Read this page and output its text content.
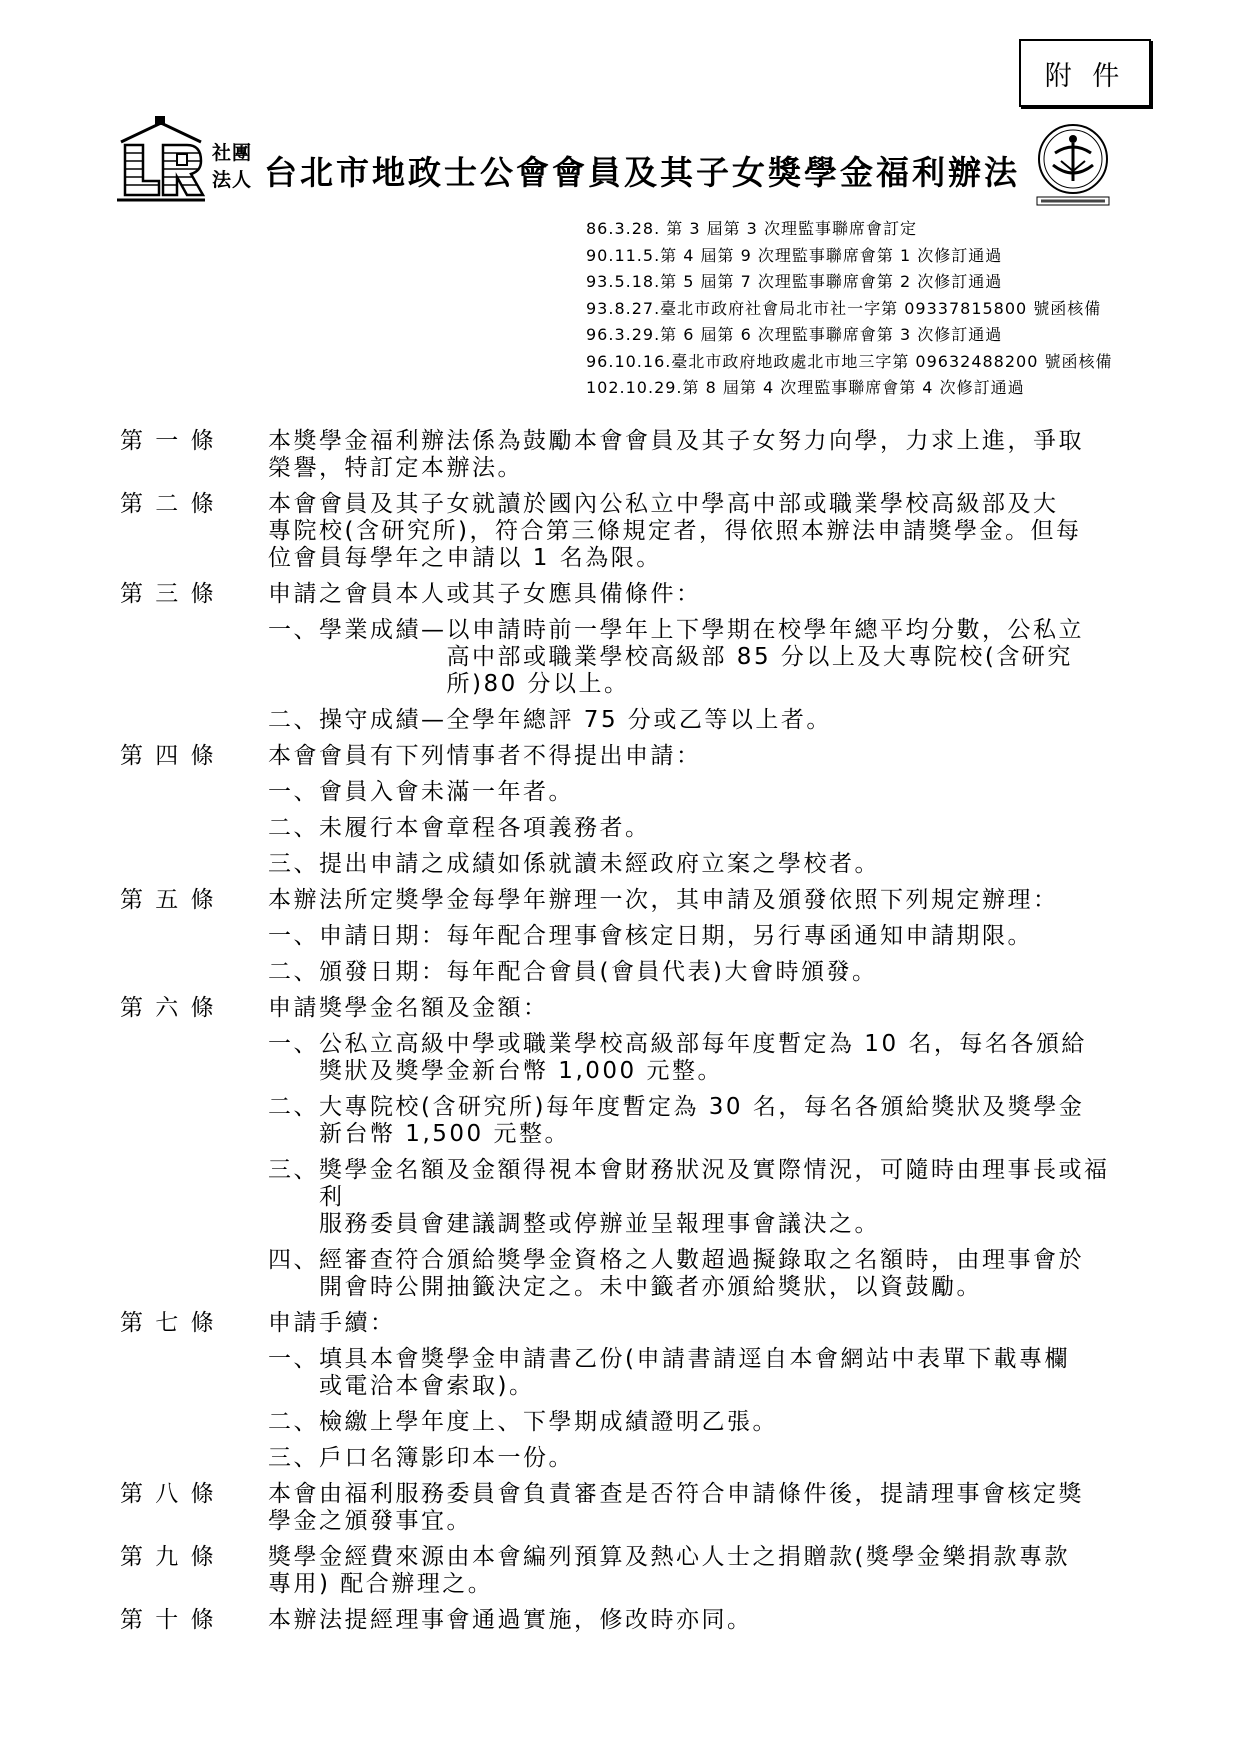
附 件
社團
法人 台北市地政士公會會員及其子女獎學金福利辦法
86.3.28. 第 3 屆第 3 次理監事聯席會訂定
90.11.5.第 4 屆第 9 次理監事聯席會第 1 次修訂通過
93.5.18.第 5 屆第 7 次理監事聯席會第 2 次修訂通過
93.8.27.臺北市政府社會局北市社一字第 09337815800 號函核備
96.3.29.第 6 屆第 6 次理監事聯席會第 3 次修訂通過
96.10.16.臺北市政府地政處北市地三字第 09632488200 號函核備
102.10.29.第 8 屆第 4 次理監事聯席會第 4 次修訂通過
第 一 條	本獎學金福利辦法係為鼓勵本會會員及其子女努力向學，力求上進，爭取
榮譽，特訂定本辦法。
第 二 條	本會會員及其子女就讀於國內公私立中學高中部或職業學校高級部及大
專院校(含研究所)，符合第三條規定者，得依照本辦法申請獎學金。但每
位會員每學年之申請以 1 名為限。
第 三 條	申請之會員本人或其子女應具備條件：
一、 學業成績— 以申請時前一學年上下學期在校學年總平均分數，公私立
高中部或職業學校高級部 85 分以上及大專院校(含研究
所)80 分以上。
二、 操守成績— 全學年總評 75 分或乙等以上者。
第 四 條	本會會員有下列情事者不得提出申請：
一、 會員入會未滿一年者。
二、 未履行本會章程各項義務者。
三、 提出申請之成績如係就讀未經政府立案之學校者。
第 五 條	本辦法所定獎學金每學年辦理一次，其申請及頒發依照下列規定辦理：
一、 申請日期：每年配合理事會核定日期，另行專函通知申請期限。
二、 頒發日期：每年配合會員(會員代表)大會時頒發。
第 六 條	申請獎學金名額及金額：
一、 公私立高級中學或職業學校高級部每年度暫定為 10 名，每名各頒給
獎狀及獎學金新台幣 1,000 元整。
二、 大專院校(含研究所)每年度暫定為 30 名，每名各頒給獎狀及獎學金
新台幣 1,500 元整。
三、 獎學金名額及金額得視本會財務狀況及實際情況，可隨時由理事長或福利
服務委員會建議調整或停辦並呈報理事會議決之。
四、 經審查符合頒給獎學金資格之人數超過擬錄取之名額時，由理事會於
開會時公開抽籤決定之。未中籤者亦頒給獎狀，以資鼓勵。
第 七 條	申請手續：
一、 填具本會獎學金申請書乙份(申請書請逕自本會網站中表單下載專欄
或電洽本會索取)。
二、 檢繳上學年度上、下學期成績證明乙張。
三、 戶口名簿影印本一份。
第 八 條	本會由福利服務委員會負責審查是否符合申請條件後，提請理事會核定獎
學金之頒發事宜。
第 九 條	獎學金經費來源由本會編列預算及熱心人士之捐贈款(獎學金樂捐款專款
專用) 配合辦理之。
第 十 條	本辦法提經理事會通過實施，修改時亦同。
